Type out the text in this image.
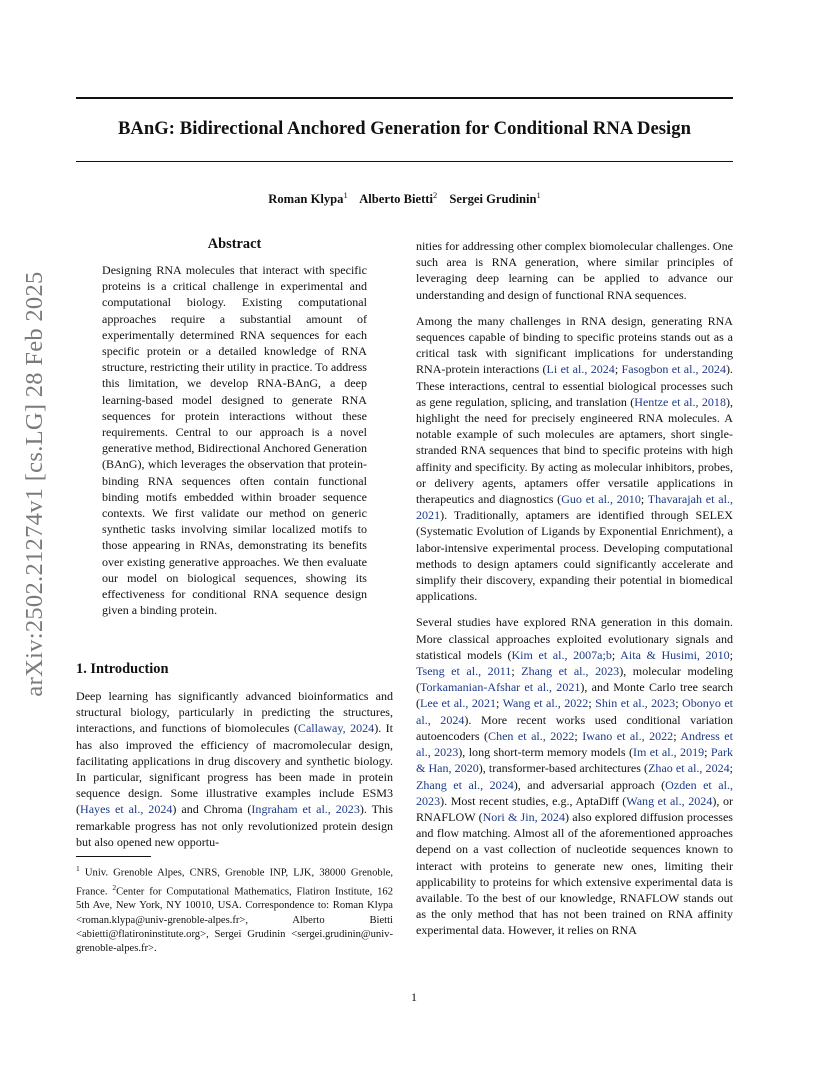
BAnG: Bidirectional Anchored Generation for Conditional RNA Design
Roman Klypa$^1$ Alberto Bietti$^2$ Sergei Grudinin$^1$
arXiv:2502.21274v1 [cs.LG] 28 Feb 2025
Abstract
Designing RNA molecules that interact with specific proteins is a critical challenge in experimental and computational biology. Existing computational approaches require a substantial amount of experimentally determined RNA sequences for each specific protein or a detailed knowledge of RNA structure, restricting their utility in practice. To address this limitation, we develop RNA-BAnG, a deep learning-based model designed to generate RNA sequences for protein interactions without these requirements. Central to our approach is a novel generative method, Bidirectional Anchored Generation (BAnG), which leverages the observation that protein-binding RNA sequences often contain functional binding motifs embedded within broader sequence contexts. We first validate our method on generic synthetic tasks involving similar localized motifs to those appearing in RNAs, demonstrating its benefits over existing generative approaches. We then evaluate our model on biological sequences, showing its effectiveness for conditional RNA sequence design given a binding protein.
1. Introduction

Deep learning has significantly advanced bioinformatics and structural biology, particularly in predicting the structures, interactions, and functions of biomolecules (Callaway, 2024). It has also improved the efficiency of macromolecular design, facilitating applications in drug discovery and synthetic biology. In particular, significant progress has been made in protein sequence design. Some illustrative examples include ESM3 (Hayes et al., 2024) and Chroma (Ingraham et al., 2023). This remarkable progress has not only revolutionized protein design but also opened new opportu-

$^1$ Univ. Grenoble Alpes, CNRS, Grenoble INP, LJK, 38000 Grenoble, France. $^2$Center for Computational Mathematics, Flatiron Institute, 162 5th Ave, New York, NY 10010, USA. Correspondence to: Roman Klypa <roman.klypa@univ-grenoble-alpes.fr>, Alberto Bietti <abietti@flatironinstitute.org>, Sergei Grudinin <sergei.grudinin@univ-grenoble-alpes.fr>.

nities for addressing other complex biomolecular challenges. One such area is RNA generation, where similar principles of leveraging deep learning can be applied to advance our understanding and design of functional RNA sequences.

Among the many challenges in RNA design, generating RNA sequences capable of binding to specific proteins stands out as a critical task with significant implications for understanding RNA-protein interactions (Li et al., 2024; Fasogbon et al., 2024). These interactions, central to essential biological processes such as gene regulation, splicing, and translation (Hentze et al., 2018), highlight the need for precisely engineered RNA molecules. A notable example of such molecules are aptamers, short single-stranded RNA sequences that bind to specific proteins with high affinity and specificity. By acting as molecular inhibitors, probes, or delivery agents, aptamers offer versatile applications in therapeutics and diagnostics (Guo et al., 2010; Thavarajah et al., 2021). Traditionally, aptamers are identified through SELEX (Systematic Evolution of Ligands by Exponential Enrichment), a labor-intensive experimental process. Developing computational methods to design aptamers could significantly accelerate and simplify their discovery, expanding their potential in biomedical applications.

Several studies have explored RNA generation in this domain. More classical approaches exploited evolutionary signals and statistical models (Kim et al., 2007a;b; Aita & Husimi, 2010; Tseng et al., 2011; Zhang et al., 2023), molecular modeling (Torkamanian-Afshar et al., 2021), and Monte Carlo tree search (Lee et al., 2021; Wang et al., 2022; Shin et al., 2023; Obonyo et al., 2024). More recent works used conditional variation autoencoders (Chen et al., 2022; Iwano et al., 2022; Andress et al., 2023), long short-term memory models (Im et al., 2019; Park & Han, 2020), transformer-based architectures (Zhao et al., 2024; Zhang et al., 2024), and adversarial approach (Ozden et al., 2023). Most recent studies, e.g., AptaDiff (Wang et al., 2024), or RNAFLOW (Nori & Jin, 2024) also explored diffusion processes and flow matching. Almost all of the aforementioned approaches depend on a vast collection of nucleotide sequences known to interact with proteins to generate new ones, limiting their applicability to proteins for which extensive experimental data is available. To the best of our knowledge, RNAFLOW stands out as the only method that has not been trained on RNA affinity experimental data. However, it relies on RNA

1
